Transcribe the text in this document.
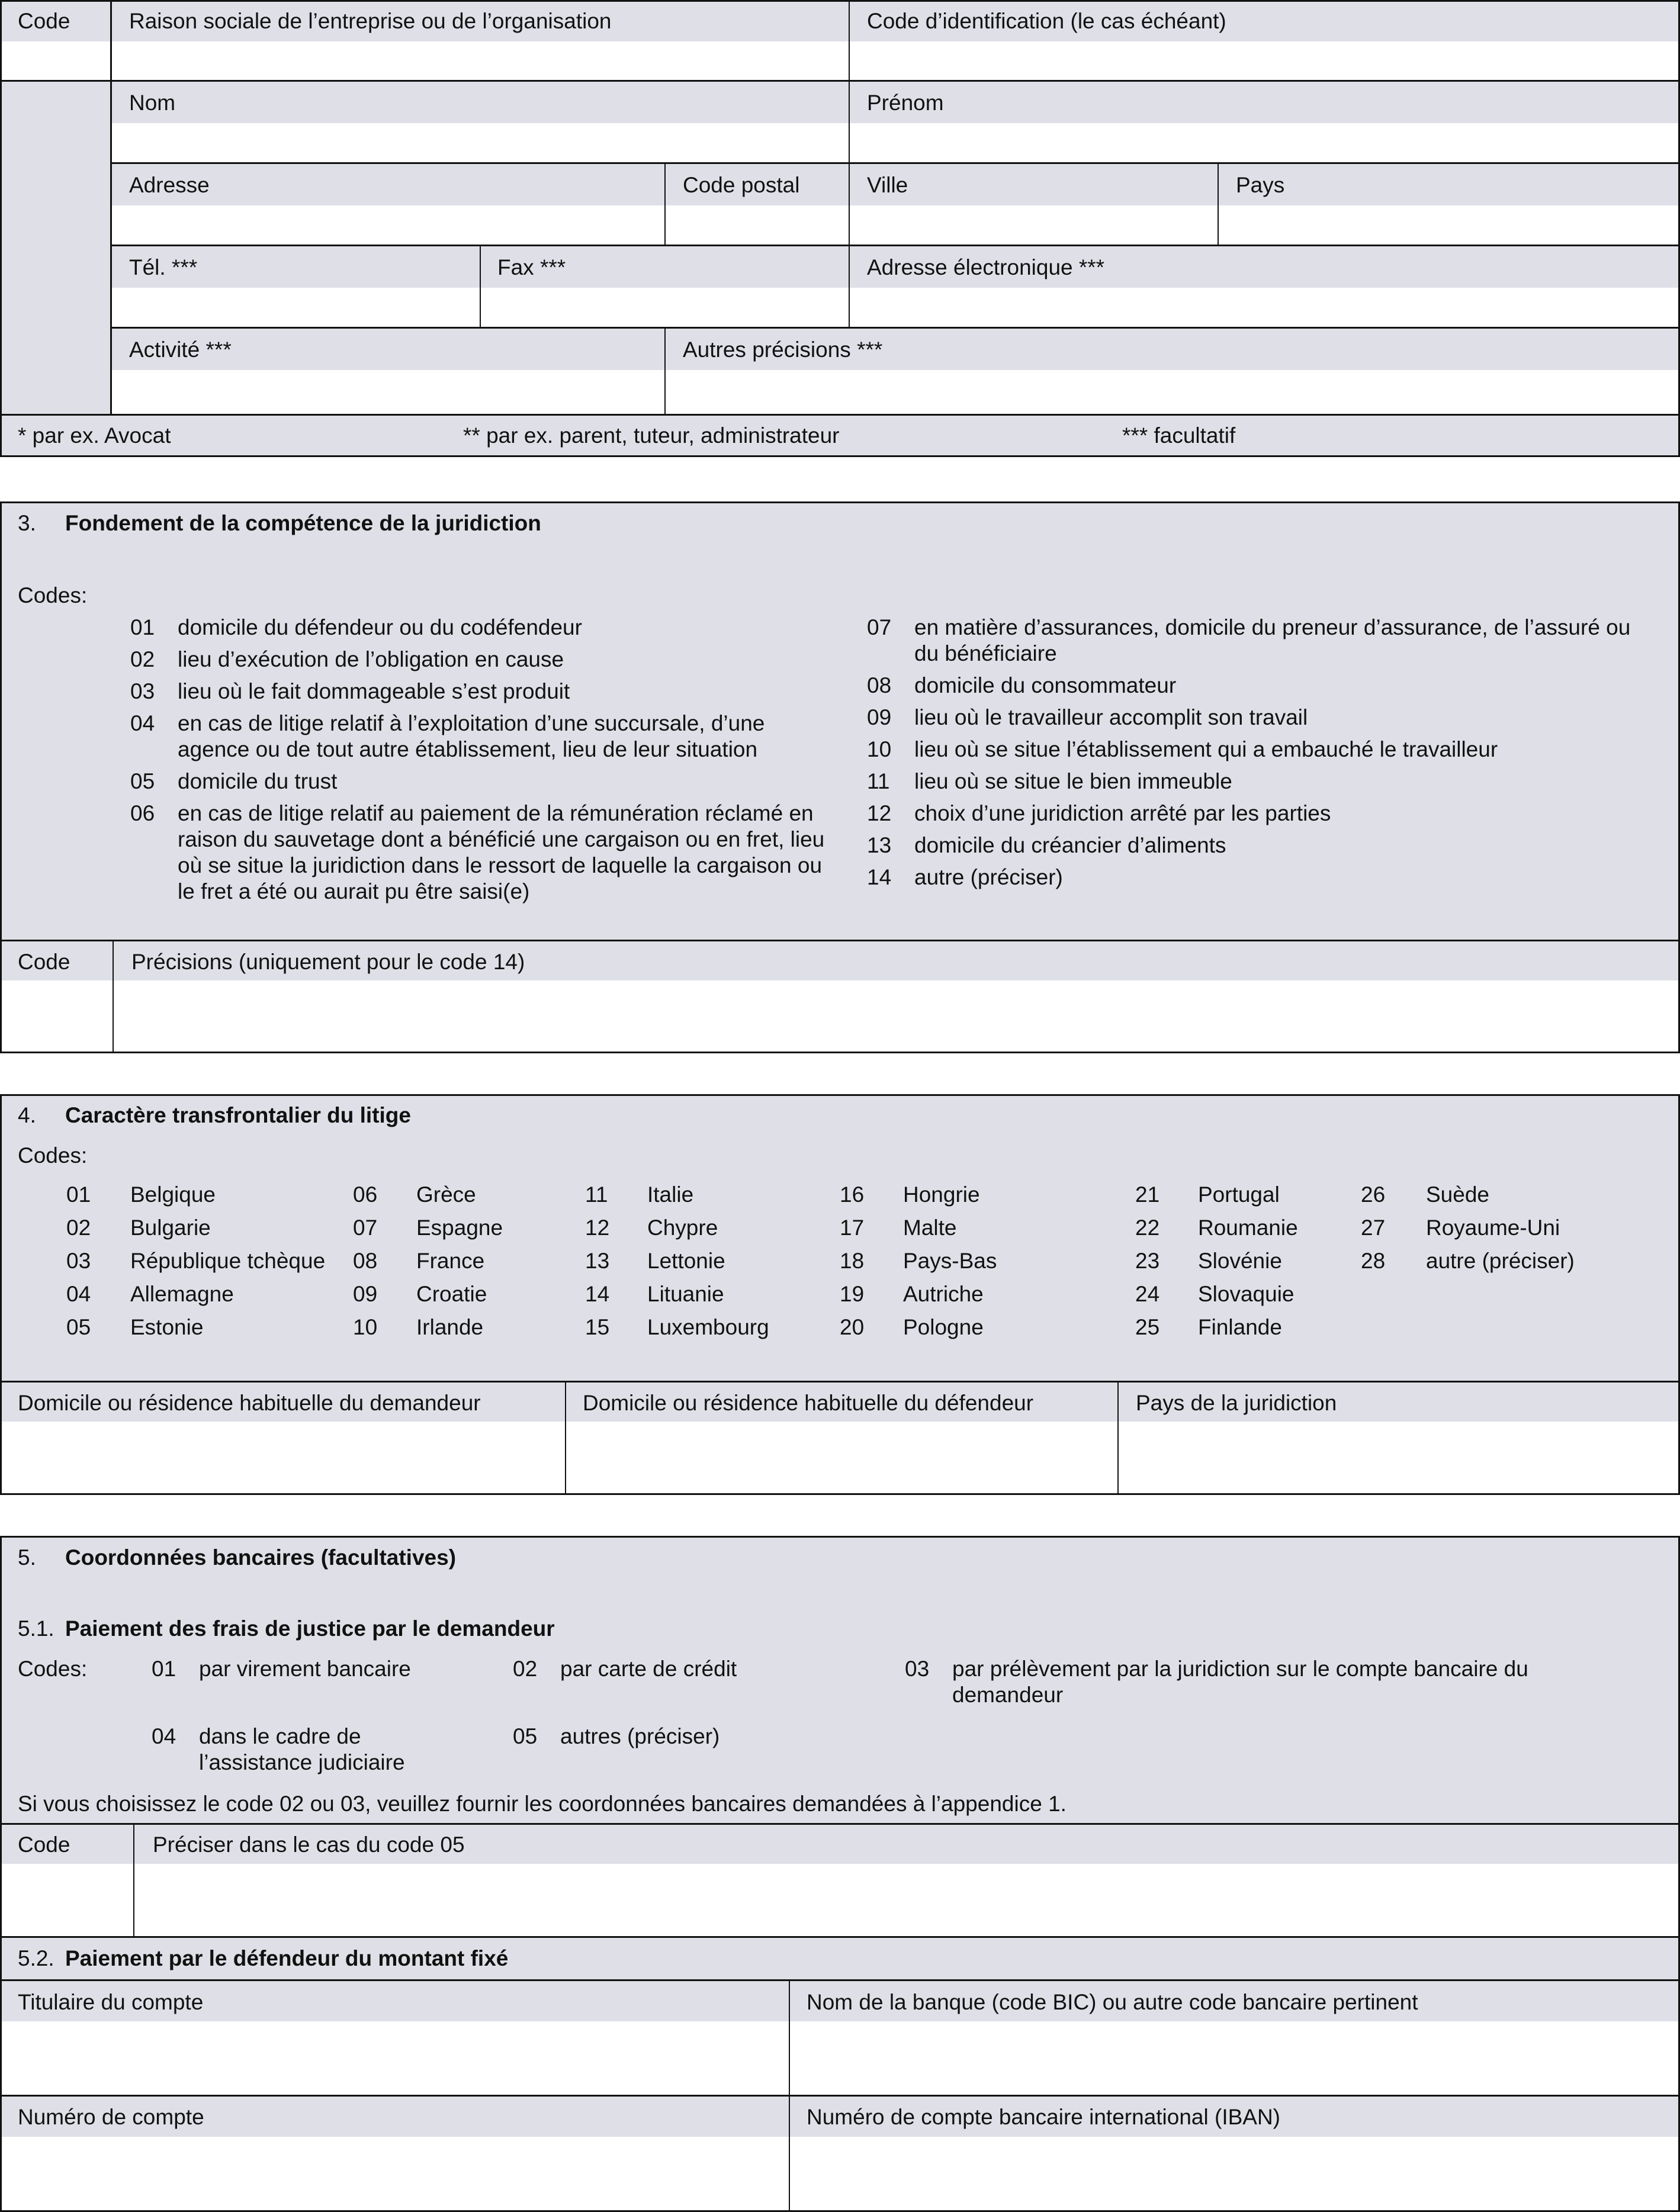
Code	Raison sociale de l’entreprise ou de l’organisation	Code d’identification (le cas échéant)
Nom	Prénom
Adresse	Code postal	Ville	Pays
Tél. ***	Fax ***	Adresse électronique ***
Activité ***	Autres précisions ***
* par ex. Avocat	** par ex. parent, tuteur, administrateur	*** facultatif
3. Fondement de la compétence de la juridiction
Codes:
01	domicile du défendeur ou du codéfendeur
02	lieu d’exécution de l’obligation en cause
03	lieu où le fait dommageable s’est produit
04	en cas de litige relatif à l’exploitation d’une succursale, d’une agence ou de tout autre établissement, lieu de leur situation
05	domicile du trust
06	en cas de litige relatif au paiement de la rémunération réclamé en raison du sauvetage dont a bénéficié une cargaison ou en fret, lieu où se situe la juridiction dans le ressort de laquelle la cargaison ou le fret a été ou aurait pu être saisi(e)
07	en matière d’assurances, domicile du preneur d’assurance, de l’assuré ou du bénéficiaire
08	domicile du consommateur
09	lieu où le travailleur accomplit son travail
10	lieu où se situe l’établissement qui a embauché le travailleur
11	lieu où se situe le bien immeuble
12	choix d’une juridiction arrêté par les parties
13	domicile du créancier d’aliments
14	autre (préciser)
Code	Précisions (uniquement pour le code 14)
4. Caractère transfrontalier du litige
Codes:
01 Belgique
02 Bulgarie
03 République tchèque
04 Allemagne
05 Estonie
06 Grèce
07 Espagne
08 France
09 Croatie
10 Irlande
11 Italie
12 Chypre
13 Lettonie
14 Lituanie
15 Luxembourg
16 Hongrie
17 Malte
18 Pays-Bas
19 Autriche
20 Pologne
21 Portugal
22 Roumanie
23 Slovénie
24 Slovaquie
25 Finlande
26 Suède
27 Royaume-Uni
28 autre (préciser)
Domicile ou résidence habituelle du demandeur	Domicile ou résidence habituelle du défendeur	Pays de la juridiction
5. Coordonnées bancaires (facultatives)
5.1. Paiement des frais de justice par le demandeur
Codes:	01 par virement bancaire	02 par carte de crédit	03 par prélèvement par la juridiction sur le compte bancaire du demandeur
04 dans le cadre de l’assistance judiciaire
05 autres (préciser)
Si vous choisissez le code 02 ou 03, veuillez fournir les coordonnées bancaires demandées à l’appendice 1.
Code	Préciser dans le cas du code 05
5.2. Paiement par le défendeur du montant fixé
Titulaire du compte	Nom de la banque (code BIC) ou autre code bancaire pertinent
Numéro de compte	Numéro de compte bancaire international (IBAN)
